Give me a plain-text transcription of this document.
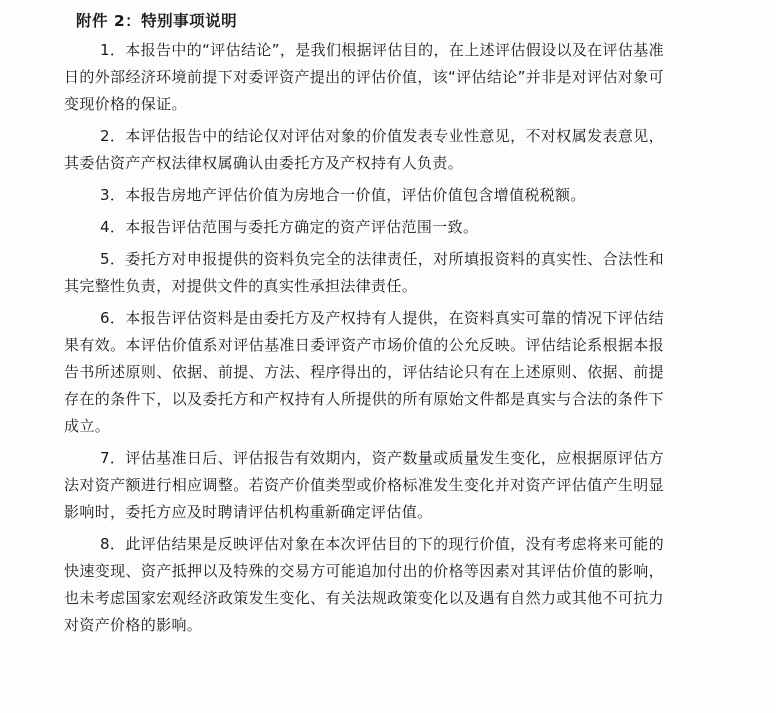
附件 2：特别事项说明

1．本报告中的“评估结论”，是我们根据评估目的，在上述评估假设以及在评估基准日的外部经济环境前提下对委评资产提出的评估价值，该“评估结论”并非是对评估对象可变现价格的保证。

2．本评估报告中的结论仅对评估对象的价值发表专业性意见，不对权属发表意见，其委估资产产权法律权属确认由委托方及产权持有人负责。

3．本报告房地产评估价值为房地合一价值，评估价值包含增值税税额。

4．本报告评估范围与委托方确定的资产评估范围一致。

5．委托方对申报提供的资料负完全的法律责任，对所填报资料的真实性、合法性和其完整性负责，对提供文件的真实性承担法律责任。

6．本报告评估资料是由委托方及产权持有人提供，在资料真实可靠的情况下评估结果有效。本评估价值系对评估基准日委评资产市场价值的公允反映。评估结论系根据本报告书所述原则、依据、前提、方法、程序得出的，评估结论只有在上述原则、依据、前提存在的条件下，以及委托方和产权持有人所提供的所有原始文件都是真实与合法的条件下成立。

7．评估基准日后、评估报告有效期内，资产数量或质量发生变化，应根据原评估方法对资产额进行相应调整。若资产价值类型或价格标准发生变化并对资产评估值产生明显影响时，委托方应及时聘请评估机构重新确定评估值。

8．此评估结果是反映评估对象在本次评估目的下的现行价值，没有考虑将来可能的快速变现、资产抵押以及特殊的交易方可能追加付出的价格等因素对其评估价值的影响，也未考虑国家宏观经济政策发生变化、有关法规政策变化以及遇有自然力或其他不可抗力对资产价格的影响。
